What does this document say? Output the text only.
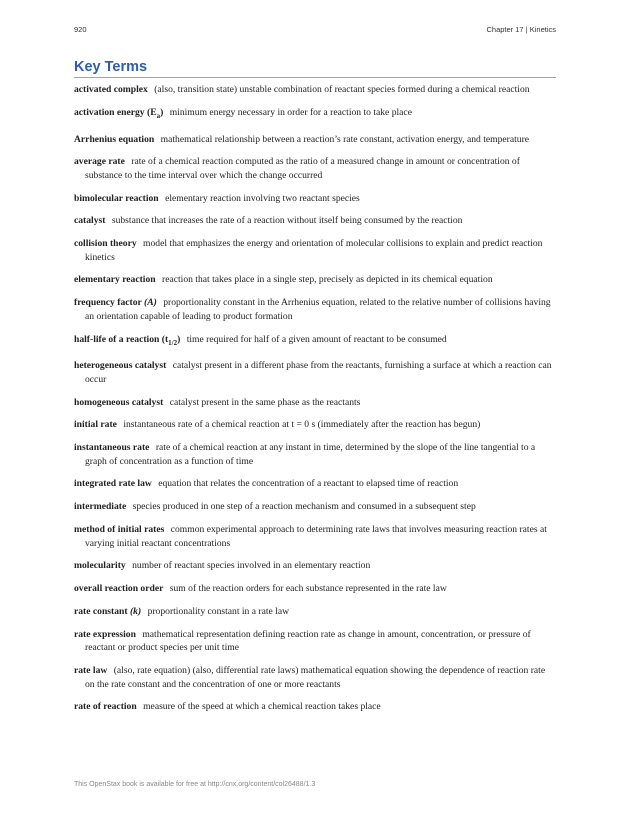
920	Chapter 17 | Kinetics
Key Terms

activated complex (also, transition state) unstable combination of reactant species formed during a chemical reaction

activation energy $(E_a)$ minimum energy necessary in order for a reaction to take place

Arrhenius equation mathematical relationship between a reaction’s rate constant, activation energy, and temperature

average rate rate of a chemical reaction computed as the ratio of a measured change in amount or concentration of substance to the time interval over which the change occurred

bimolecular reaction elementary reaction involving two reactant species

catalyst substance that increases the rate of a reaction without itself being consumed by the reaction

collision theory model that emphasizes the energy and orientation of molecular collisions to explain and predict reaction kinetics

elementary reaction reaction that takes place in a single step, precisely as depicted in its chemical equation

frequency factor (A) proportionality constant in the Arrhenius equation, related to the relative number of collisions having an orientation capable of leading to product formation

half-life of a reaction $(t_{1/2})$ time required for half of a given amount of reactant to be consumed

heterogeneous catalyst catalyst present in a different phase from the reactants, furnishing a surface at which a reaction can occur

homogeneous catalyst catalyst present in the same phase as the reactants

initial rate instantaneous rate of a chemical reaction at t = 0 s (immediately after the reaction has begun)

instantaneous rate rate of a chemical reaction at any instant in time, determined by the slope of the line tangential to a graph of concentration as a function of time

integrated rate law equation that relates the concentration of a reactant to elapsed time of reaction

intermediate species produced in one step of a reaction mechanism and consumed in a subsequent step

method of initial rates common experimental approach to determining rate laws that involves measuring reaction rates at varying initial reactant concentrations

molecularity number of reactant species involved in an elementary reaction

overall reaction order sum of the reaction orders for each substance represented in the rate law

rate constant (k) proportionality constant in a rate law

rate expression mathematical representation defining reaction rate as change in amount, concentration, or pressure of reactant or product species per unit time

rate law (also, rate equation) (also, differential rate laws) mathematical equation showing the dependence of reaction rate on the rate constant and the concentration of one or more reactants

rate of reaction measure of the speed at which a chemical reaction takes place

This OpenStax book is available for free at http://cnx.org/content/col26488/1.3
